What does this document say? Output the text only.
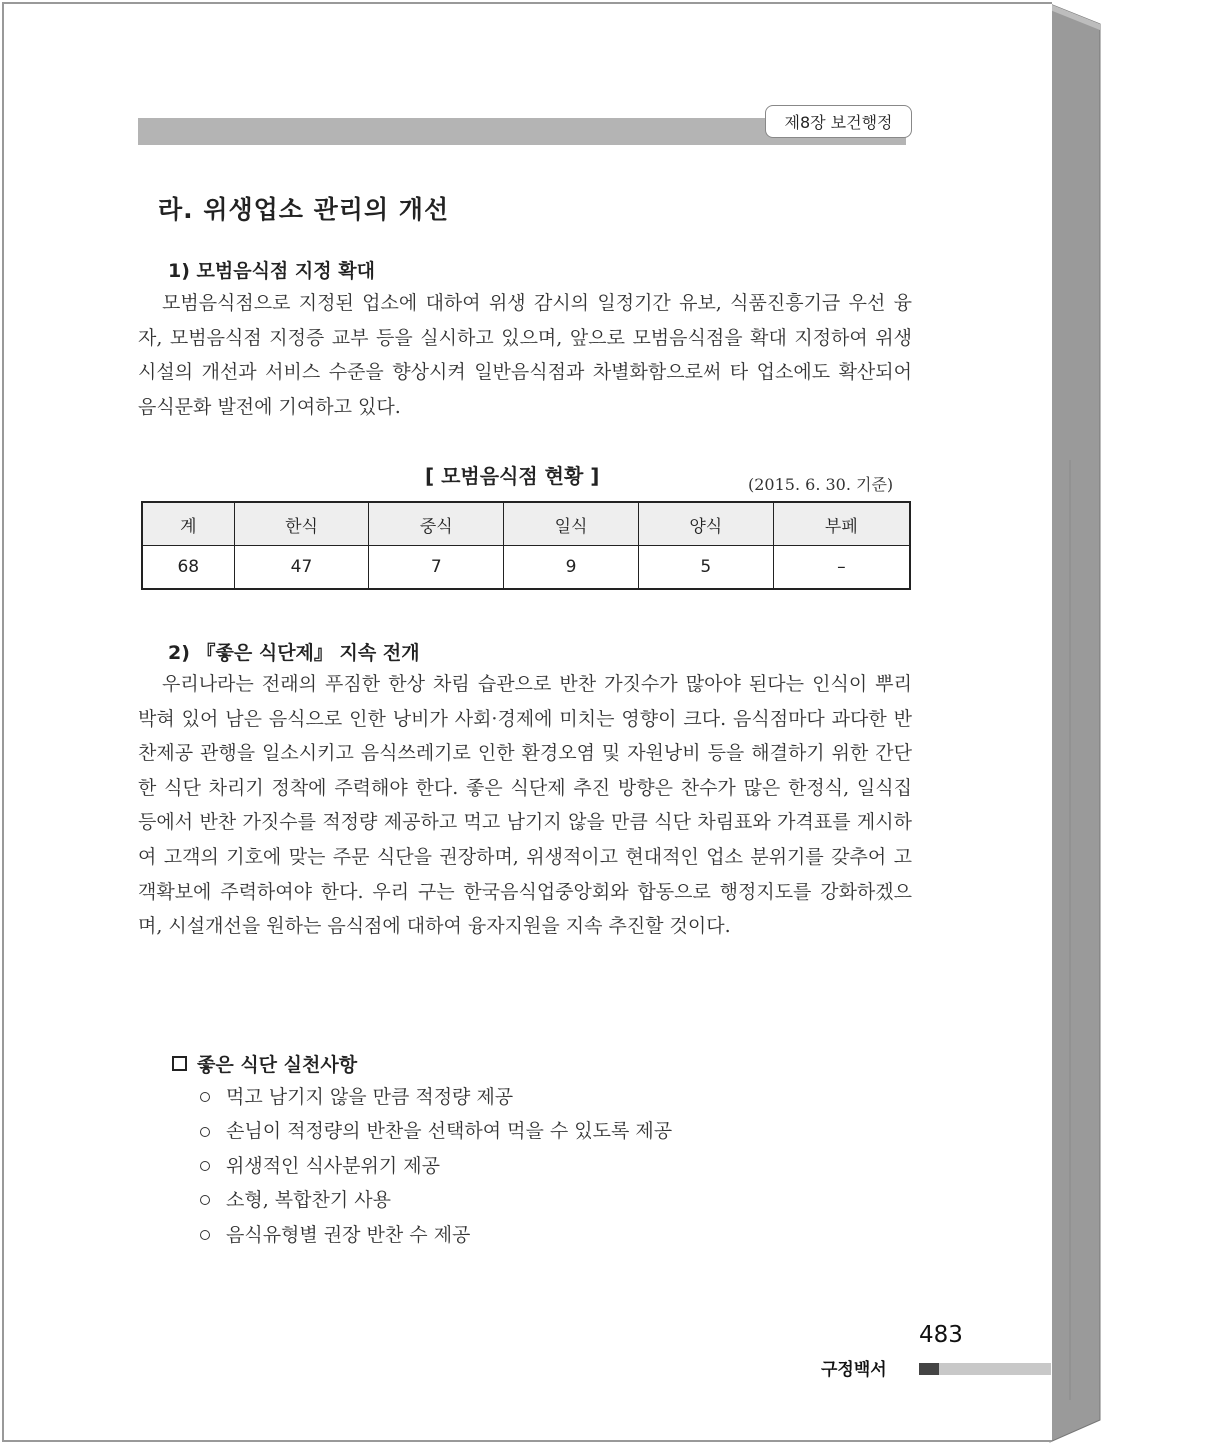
제8장 보건행정
라. 위생업소 관리의 개선
1) 모범음식점 지정 확대

모범음식점으로 지정된 업소에 대하여 위생 감시의 일정기간 유보, 식품진흥기금 우선 융자, 모범음식점 지정증 교부 등을 실시하고 있으며, 앞으로 모범음식점을 확대 지정하여 위생시설의 개선과 서비스 수준을 향상시켜 일반음식점과 차별화함으로써 타 업소에도 확산되어 음식문화 발전에 기여하고 있다.

[ 모범음식점 현황 ]	(2015. 6. 30. 기준)
계	한식	중식	일식	양식	부페
68	47	7	9	5	–
2) 『좋은 식단제』 지속 전개

우리나라는 전래의 푸짐한 한상 차림 습관으로 반찬 가짓수가 많아야 된다는 인식이 뿌리 박혀 있어 남은 음식으로 인한 낭비가 사회·경제에 미치는 영향이 크다. 음식점마다 과다한 반찬제공 관행을 일소시키고 음식쓰레기로 인한 환경오염 및 자원낭비 등을 해결하기 위한 간단한 식단 차리기 정착에 주력해야 한다. 좋은 식단제 추진 방향은 찬수가 많은 한정식, 일식집 등에서 반찬 가짓수를 적정량 제공하고 먹고 남기지 않을 만큼 식단 차림표와 가격표를 게시하여 고객의 기호에 맞는 주문 식단을 권장하며, 위생적이고 현대적인 업소 분위기를 갖추어 고객확보에 주력하여야 한다. 우리 구는 한국음식업중앙회와 합동으로 행정지도를 강화하겠으며, 시설개선을 원하는 음식점에 대하여 융자지원을 지속 추진할 것이다.

좋은 식단 실천사항
먹고 남기지 않을 만큼 적정량 제공
손님이 적정량의 반찬을 선택하여 먹을 수 있도록 제공
위생적인 식사분위기 제공
소형, 복합찬기 사용
음식유형별 권장 반찬 수 제공
483
구정백서
